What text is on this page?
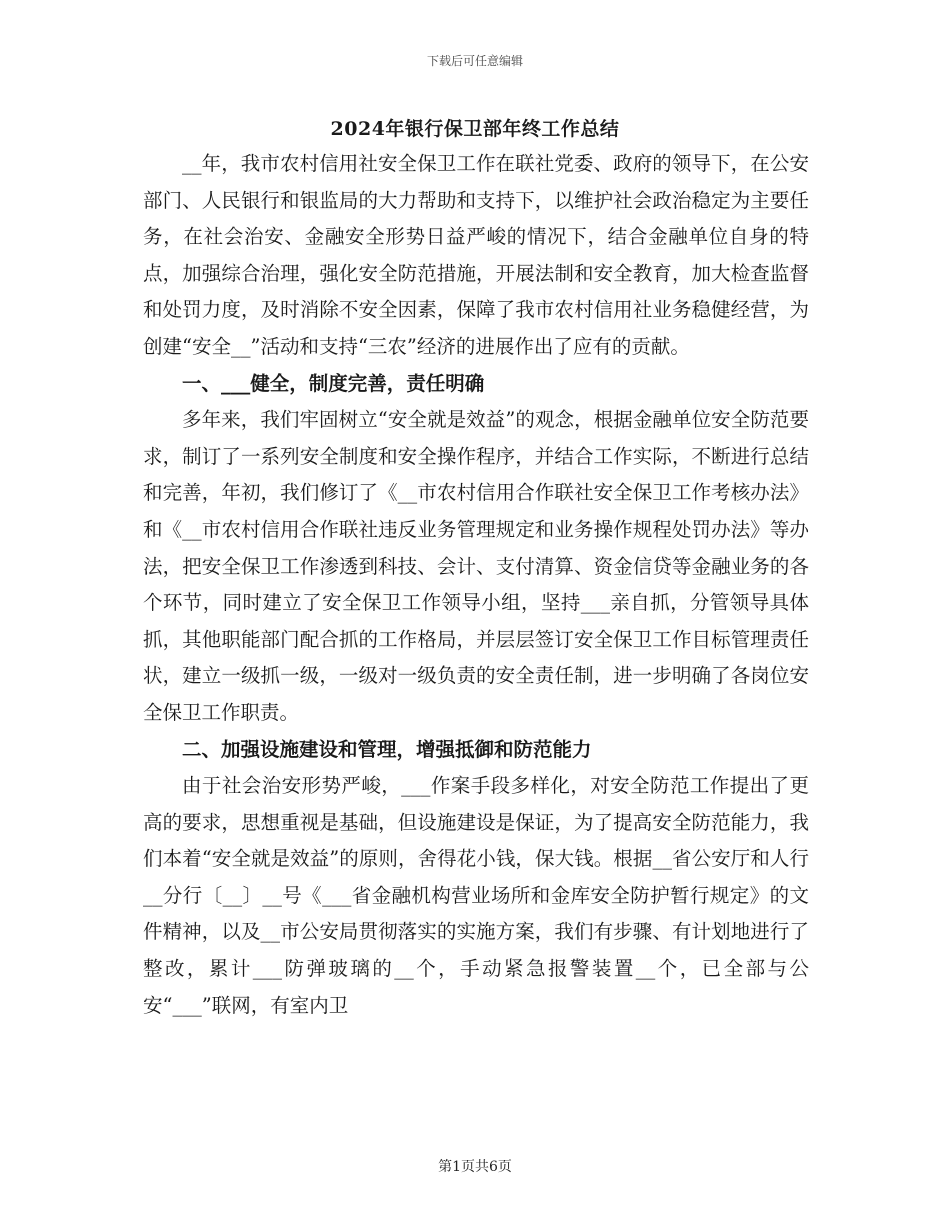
下载后可任意编辑
2024年银行保卫部年终工作总结

__年，我市农村信用社安全保卫工作在联社党委、政府的领导下，在公安部门、人民银行和银监局的大力帮助和支持下，以维护社会政治稳定为主要任务，在社会治安、金融安全形势日益严峻的情况下，结合金融单位自身的特点，加强综合治理，强化安全防范措施，开展法制和安全教育，加大检查监督和处罚力度，及时消除不安全因素，保障了我市农村信用社业务稳健经营，为创建“安全__”活动和支持“三农”经济的进展作出了应有的贡献。

一、___健全，制度完善，责任明确

多年来，我们牢固树立“安全就是效益”的观念，根据金融单位安全防范要求，制订了一系列安全制度和安全操作程序，并结合工作实际，不断进行总结和完善，年初，我们修订了《__市农村信用合作联社安全保卫工作考核办法》和《__市农村信用合作联社违反业务管理规定和业务操作规程处罚办法》等办法，把安全保卫工作渗透到科技、会计、支付清算、资金信贷等金融业务的各个环节，同时建立了安全保卫工作领导小组，坚持___亲自抓，分管领导具体抓，其他职能部门配合抓的工作格局，并层层签订安全保卫工作目标管理责任状，建立一级抓一级，一级对一级负责的安全责任制，进一步明确了各岗位安全保卫工作职责。

二、加强设施建设和管理，增强抵御和防范能力

由于社会治安形势严峻，___作案手段多样化，对安全防范工作提出了更高的要求，思想重视是基础，但设施建设是保证，为了提高安全防范能力，我们本着“安全就是效益”的原则，舍得花小钱，保大钱。根据__省公安厅和人行__分行〔__〕__号《___省金融机构营业场所和金库安全防护暂行规定》的文件精神，以及__市公安局贯彻落实的实施方案，我们有步骤、有计划地进行了整改，累计___防弹玻璃的__个，手动紧急报警装置__个，已全部与公安“___”联网，有室内卫

第1页共6页
